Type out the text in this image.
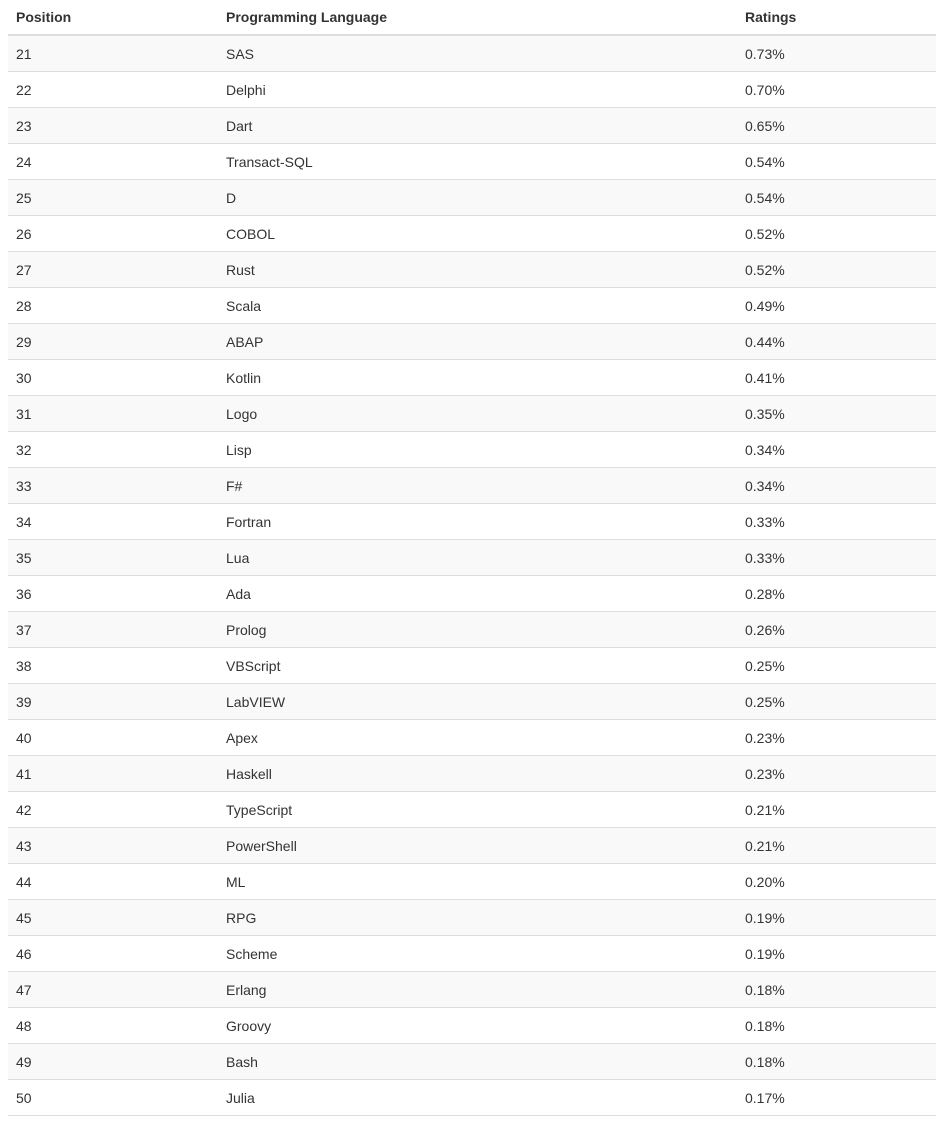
Position	Programming Language	Ratings
21	SAS	0.73%
22	Delphi	0.70%
23	Dart	0.65%
24	Transact-SQL	0.54%
25	D	0.54%
26	COBOL	0.52%
27	Rust	0.52%
28	Scala	0.49%
29	ABAP	0.44%
30	Kotlin	0.41%
31	Logo	0.35%
32	Lisp	0.34%
33	F#	0.34%
34	Fortran	0.33%
35	Lua	0.33%
36	Ada	0.28%
37	Prolog	0.26%
38	VBScript	0.25%
39	LabVIEW	0.25%
40	Apex	0.23%
41	Haskell	0.23%
42	TypeScript	0.21%
43	PowerShell	0.21%
44	ML	0.20%
45	RPG	0.19%
46	Scheme	0.19%
47	Erlang	0.18%
48	Groovy	0.18%
49	Bash	0.18%
50	Julia	0.17%
